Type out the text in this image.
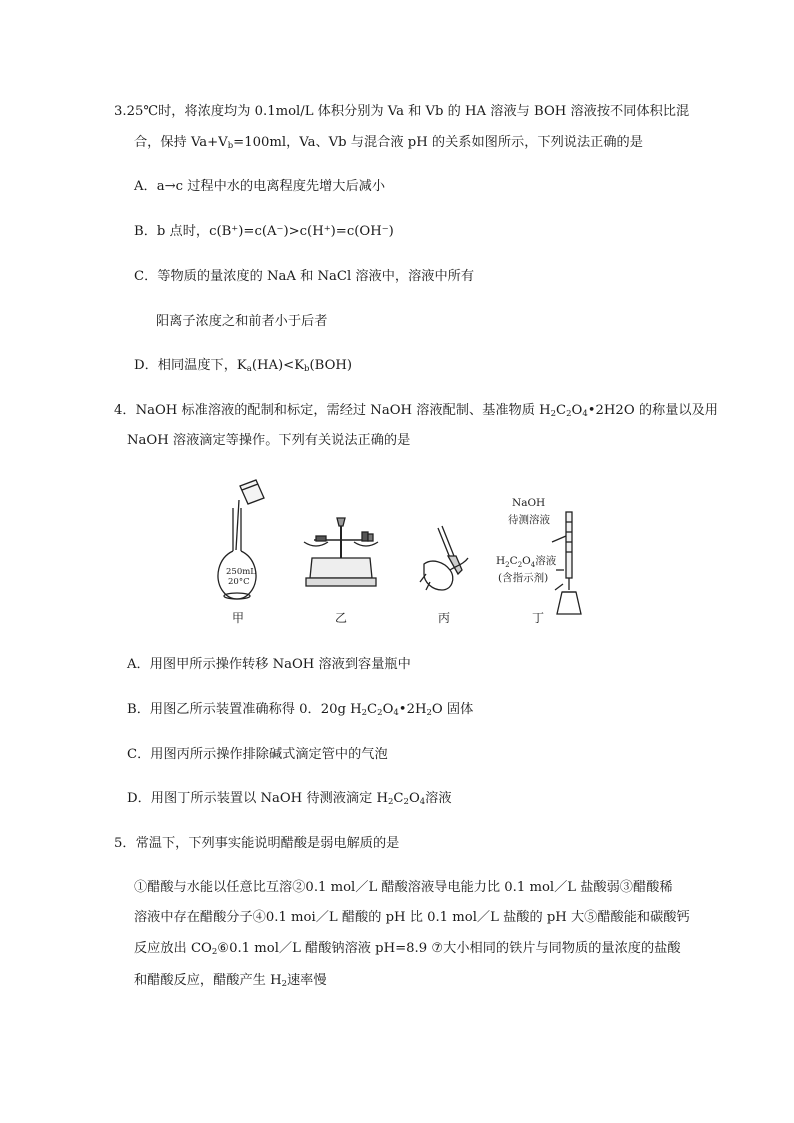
3.25℃时，将浓度均为 0.1mol/L 体积分别为 Va 和 Vb 的 HA 溶液与 BOH 溶液按不同体积比混
合，保持 $Va+V_b=100ml$，Va、Vb 与混合液 pH 的关系如图所示，下列说法正确的是
A．a→c 过程中水的电离程度先增大后减小
B．b 点时，c(B⁺)=c(A⁻)>c(H⁺)=c(OH⁻)
C．等物质的量浓度的 NaA 和 NaCl 溶液中，溶液中所有
阳离子浓度之和前者小于后者
D．相同温度下，$K_a(HA)<K_b(BOH)$
4．NaOH 标准溶液的配制和标定，需经过 NaOH 溶液配制、基准物质 $H_2C_2O_4•2H2O$ 的称量以及用
NaOH 溶液滴定等操作。下列有关说法正确的是
250mL
20°C
NaOH
待测溶液
$H_2C_2O_4$溶液
(含指示剂)
甲	乙	丙	丁
A．用图甲所示操作转移 NaOH 溶液到容量瓶中
B．用图乙所示装置准确称得 0．20g $H_2C_2O_4•2H_2O$ 固体
C．用图丙所示操作排除碱式滴定管中的气泡
D．用图丁所示装置以 NaOH 待测液滴定 $H_2C_2O_4$溶液
5．常温下，下列事实能说明醋酸是弱电解质的是
①醋酸与水能以任意比互溶②0.1 mol／L 醋酸溶液导电能力比 0.1 mol／L 盐酸弱③醋酸稀
溶液中存在醋酸分子④0.1 moi／L 醋酸的 pH 比 0.1 mol／L 盐酸的 pH 大⑤醋酸能和碳酸钙
反应放出 $CO_2⑥0.1$ mol／L 醋酸钠溶液 pH=8.9 ⑦大小相同的铁片与同物质的量浓度的盐酸
和醋酸反应，醋酸产生 $H_2$速率慢
